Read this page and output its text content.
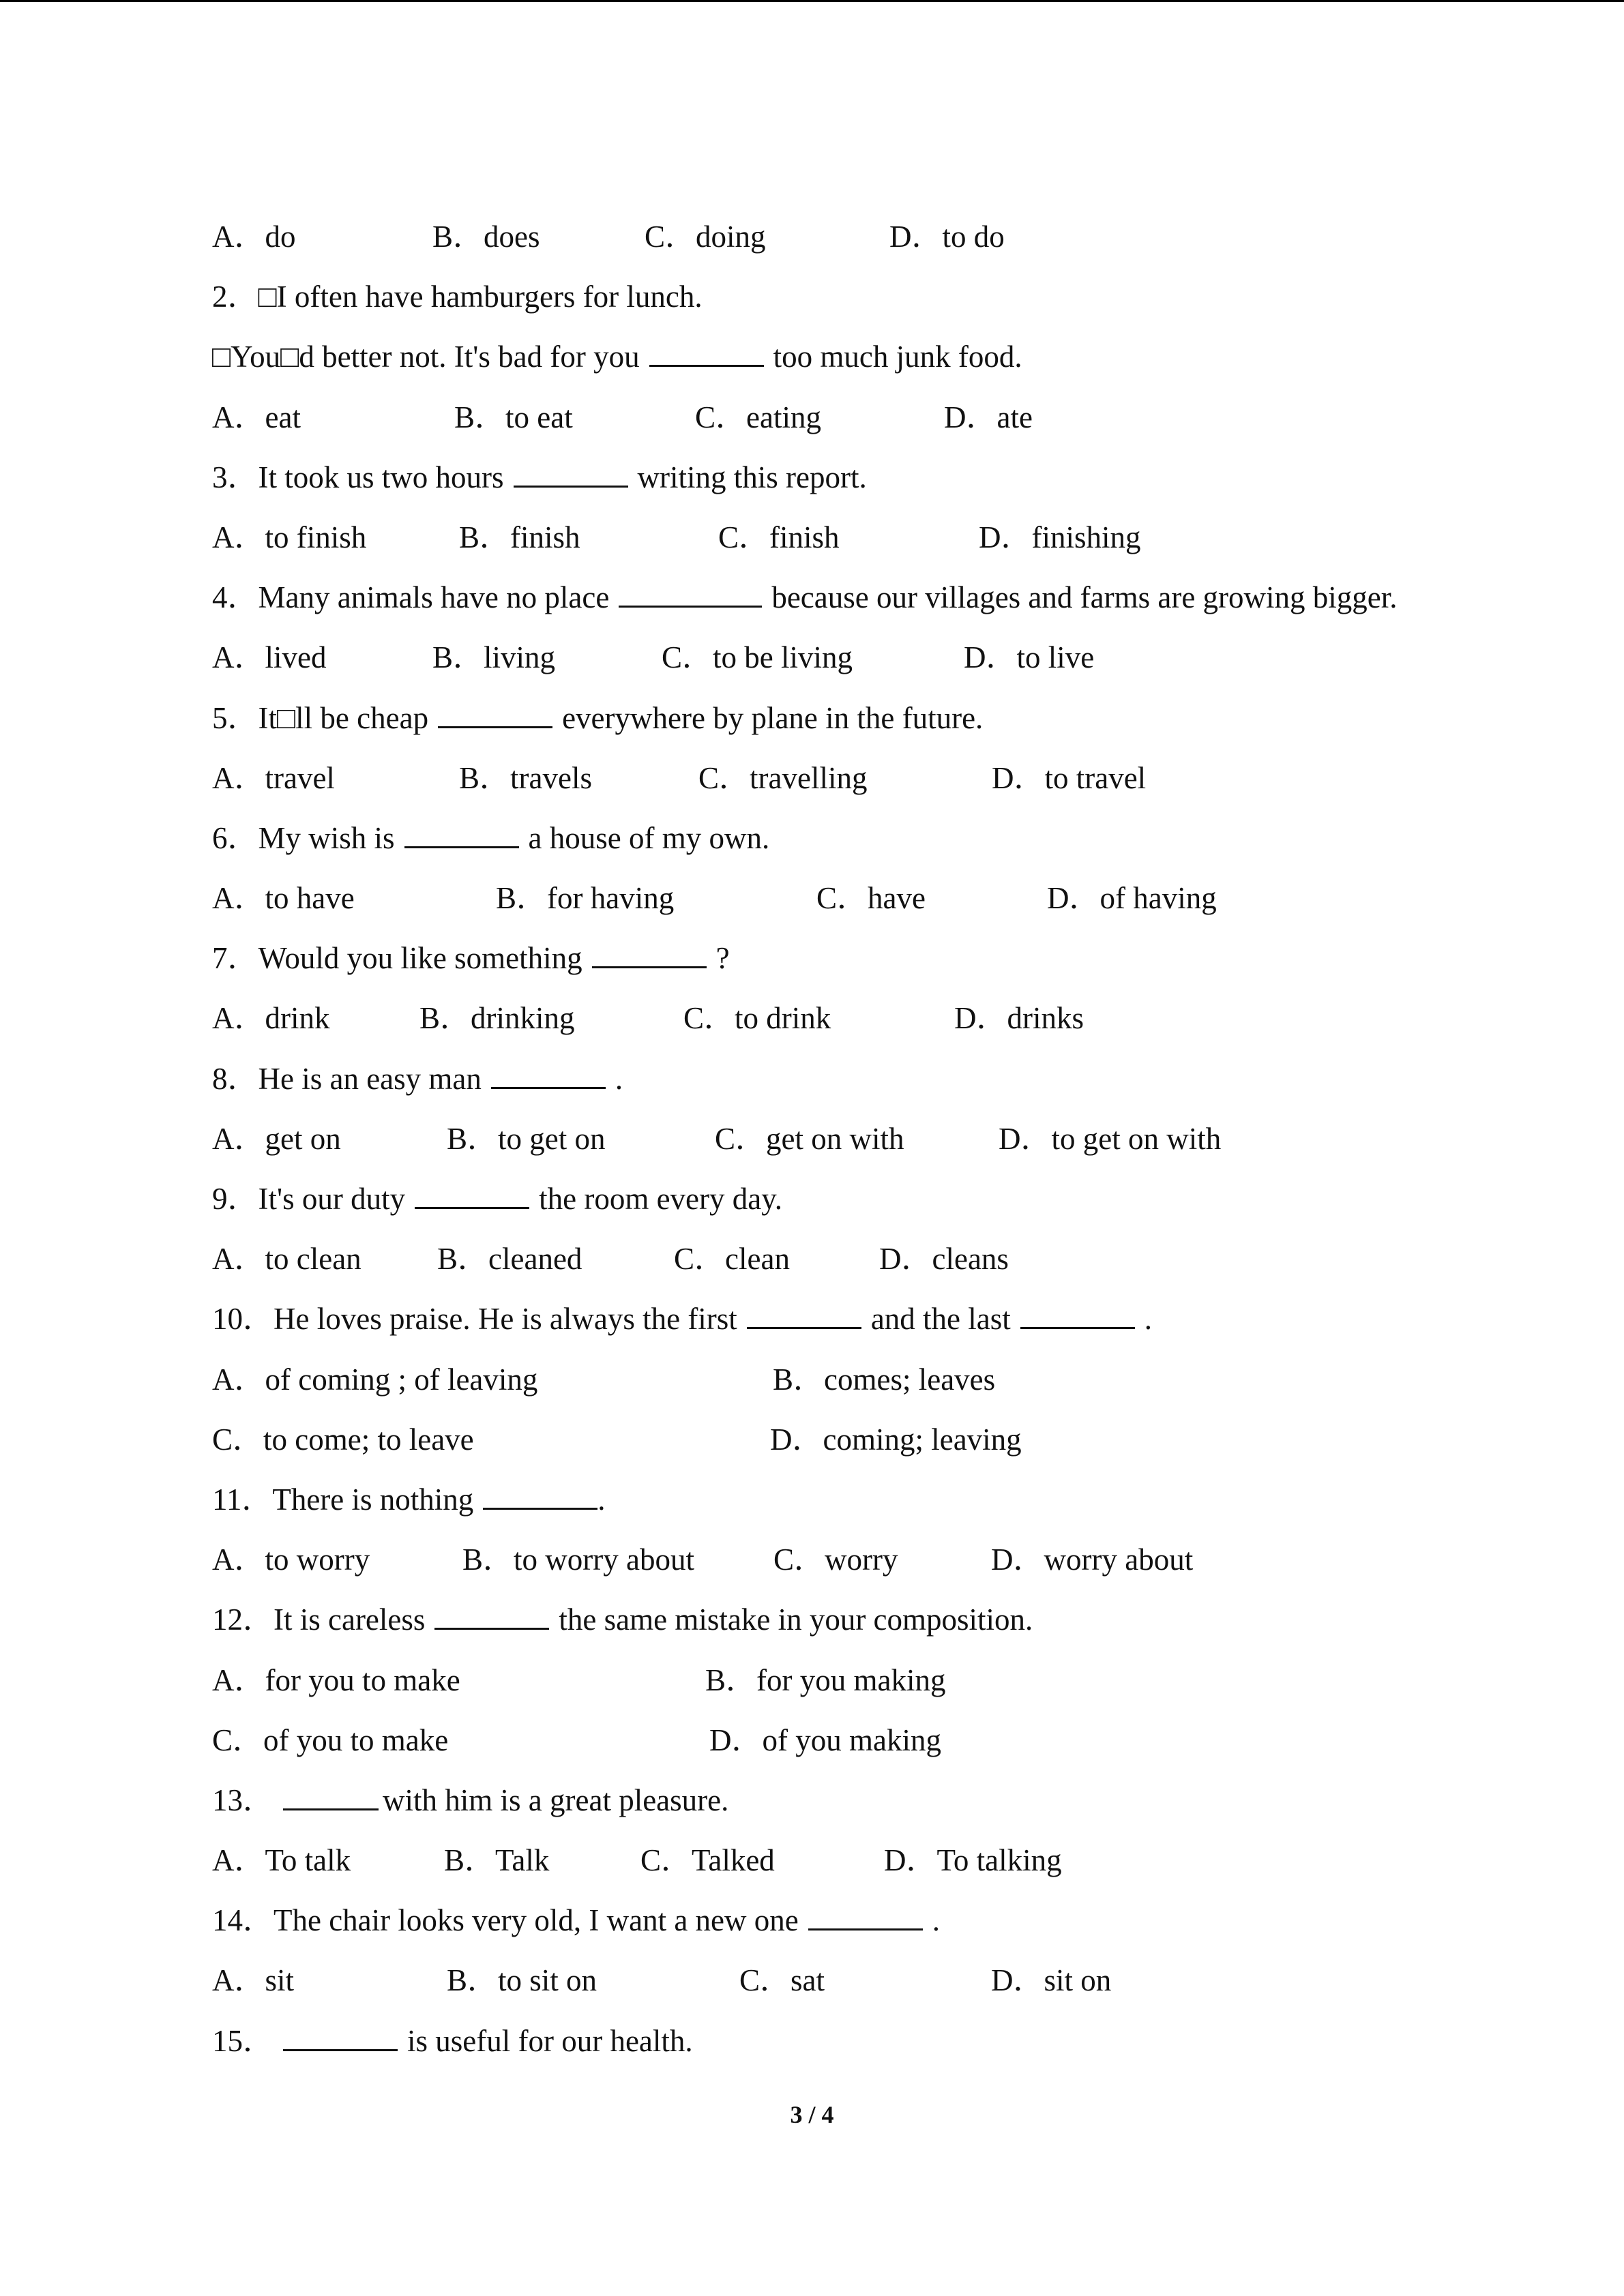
A．do	B．does	C．doing	D．to do
2．□I often have hamburgers for lunch.
□You□d better not. It's bad for you	too much junk food.
A．eat	B．to eat	C．eating	D．ate
3．It took us two hours	writing this report.
A．to finish	B．finish	C．finish	D．finishing
4．Many animals have no place	because our villages and farms are growing bigger.
A．lived	B．living	C．to be living	D．to live
5．It□ll be cheap	everywhere by plane in the future.
A．travel	B．travels	C．travelling	D．to travel
6．My wish is	a house of my own.
A．to have	B．for having	C．have	D．of having
7．Would you like something	?
A．drink	B．drinking	C．to drink	D．drinks
8．He is an easy man	.
A．get on	B．to get on	C．get on with	D．to get on with
9．It's our duty	the room every day.
A．to clean B．cleaned	C．clean	D．cleans
10．He loves praise. He is always the first	and the last	.
A．of coming ; of leaving	B．comes; leaves
C．to come; to leave	D．coming; leaving
11．There is nothing	.
A．to worry	B．to worry about	C．worry	D．worry about
12．It is careless	the same mistake in your composition.
A．for you to make	B．for you making
C．of you to make	D．of you making
13．	with him is a great pleasure.
A．To talk	B．Talk	C．Talked	D．To talking
14．The chair looks very old, I want a new one	.
A．sit	B．to sit on	C．sat	D．sit on
15．	is useful for our health.
3 / 4
